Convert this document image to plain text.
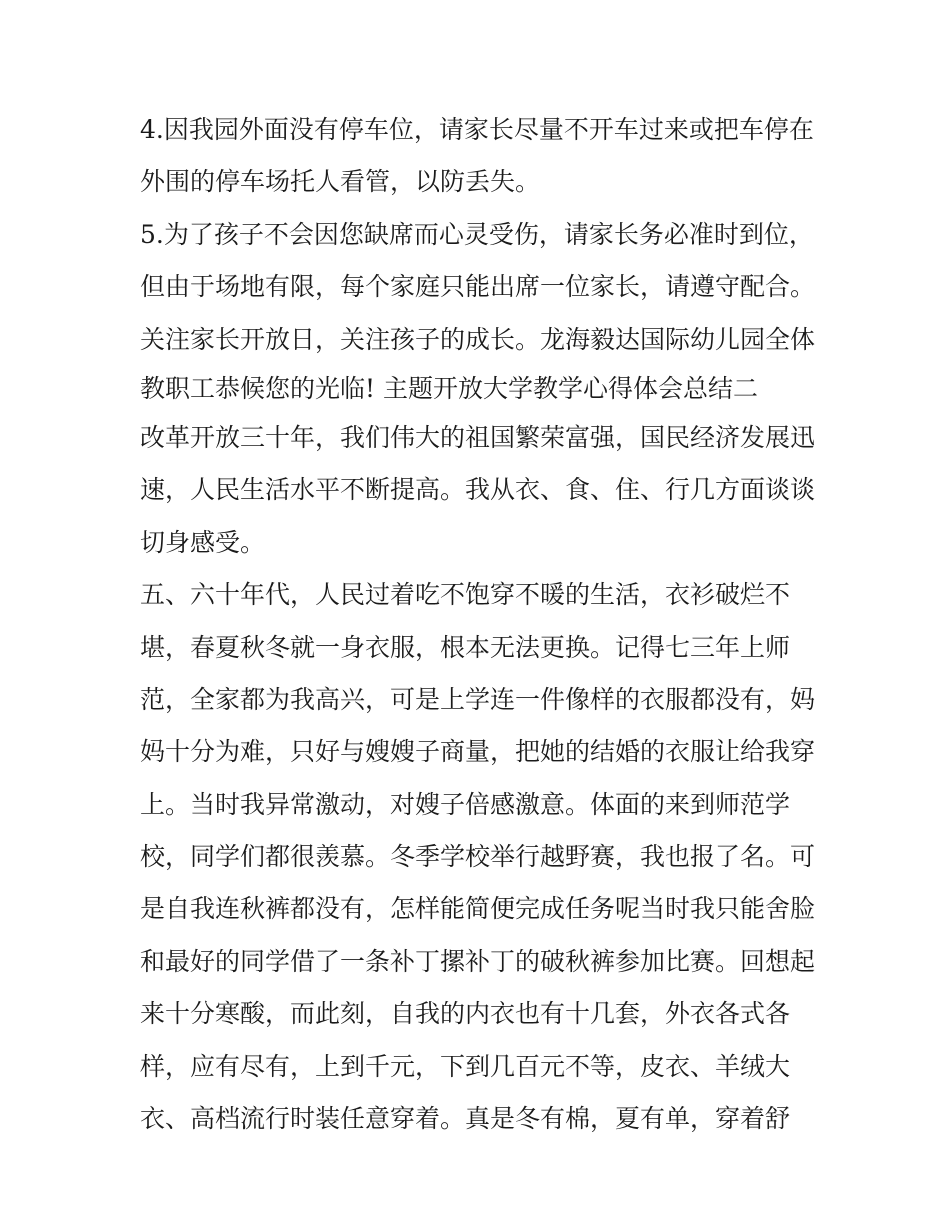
4.因我园外面没有停车位，请家长尽量不开车过来或把车停在
外围的停车场托人看管，以防丢失。
5.为了孩子不会因您缺席而心灵受伤，请家长务必准时到位，
但由于场地有限，每个家庭只能出席一位家长，请遵守配合。
关注家长开放日，关注孩子的成长。龙海毅达国际幼儿园全体
教职工恭候您的光临! 主题开放大学教学心得体会总结二
改革开放三十年，我们伟大的祖国繁荣富强，国民经济发展迅
速，人民生活水平不断提高。我从衣、食、住、行几方面谈谈
切身感受。
五、六十年代，人民过着吃不饱穿不暖的生活，衣衫破烂不
堪，春夏秋冬就一身衣服，根本无法更换。记得七三年上师
范，全家都为我高兴，可是上学连一件像样的衣服都没有，妈
妈十分为难，只好与嫂嫂子商量，把她的结婚的衣服让给我穿
上。当时我异常激动，对嫂子倍感激意。体面的来到师范学
校，同学们都很羡慕。冬季学校举行越野赛，我也报了名。可
是自我连秋裤都没有，怎样能简便完成任务呢当时我只能舍脸
和最好的同学借了一条补丁摞补丁的破秋裤参加比赛。回想起
来十分寒酸，而此刻，自我的内衣也有十几套，外衣各式各
样，应有尽有，上到千元，下到几百元不等，皮衣、羊绒大
衣、高档流行时装任意穿着。真是冬有棉，夏有单，穿着舒
